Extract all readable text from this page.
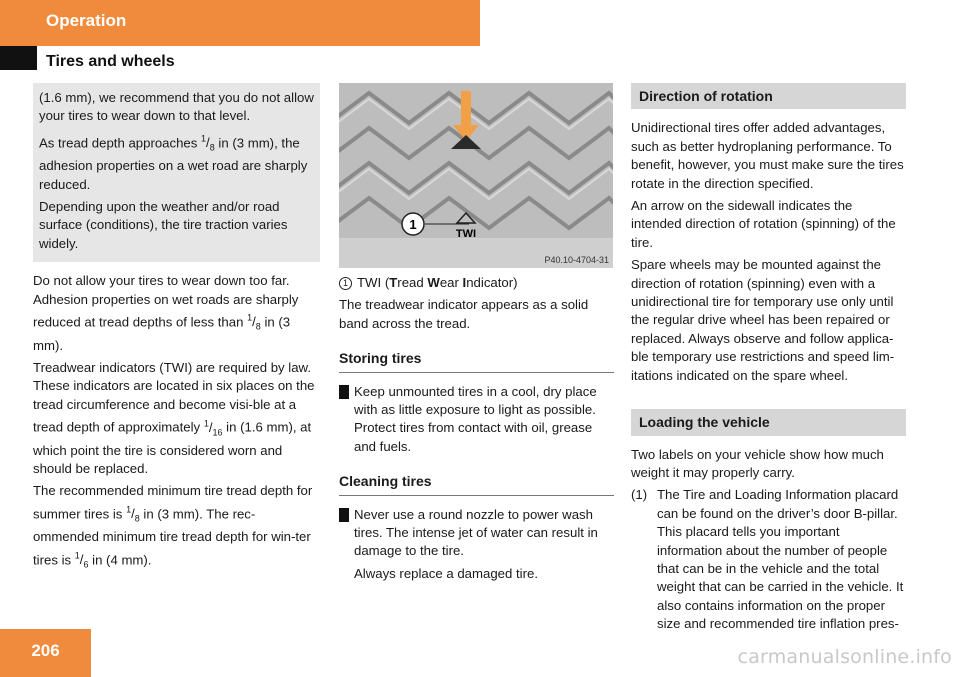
Operation
Tires and wheels

(1.6 mm), we recommend that you do not allow your tires to wear down to that level.

As tread depth approaches $^1/_8$ in (3 mm), the adhesion properties on a wet road are sharply reduced.

Depending upon the weather and/or road surface (conditions), the tire traction varies widely.

Do not allow your tires to wear down too far. Adhesion properties on wet roads are sharply reduced at tread depths of less than $^1/_8$ in (3 mm).

Treadwear indicators (TWI) are required by law. These indicators are located in six places on the tread circumference and become visi-ble at a tread depth of approximately $^1/_{16}$ in (1.6 mm), at which point the tire is considered worn and should be replaced.

The recommended minimum tire tread depth for summer tires is $^1/_8$ in (3 mm). The rec-ommended minimum tire tread depth for win-ter tires is $^1/_6$ in (4 mm).

1
TWI
P40.10-4704-31

1 TWI (Tread Wear Indicator)

The treadwear indicator appears as a solid band across the tread.

Storing tires

! Keep unmounted tires in a cool, dry place with as little exposure to light as possible. Protect tires from contact with oil, grease and fuels.

Cleaning tires

! Never use a round nozzle to power wash tires. The intense jet of water can result in damage to the tire.

Always replace a damaged tire.

Direction of rotation

Unidirectional tires offer added advantages, such as better hydroplaning performance. To benefit, however, you must make sure the tires rotate in the direction specified.

An arrow on the sidewall indicates the intended direction of rotation (spinning) of the tire.

Spare wheels may be mounted against the direction of rotation (spinning) even with a unidirectional tire for temporary use only until the regular drive wheel has been repaired or replaced. Always observe and follow applica-ble temporary use restrictions and speed lim-itations indicated on the spare wheel.

Loading the vehicle

Two labels on your vehicle show how much weight it may properly carry.

(1) The Tire and Loading Information placard can be found on the driver’s door B-pillar. This placard tells you important information about the number of people that can be in the vehicle and the total weight that can be carried in the vehicle. It also contains information on the proper size and recommended tire inflation pres-
206	carmanualsonline.info
